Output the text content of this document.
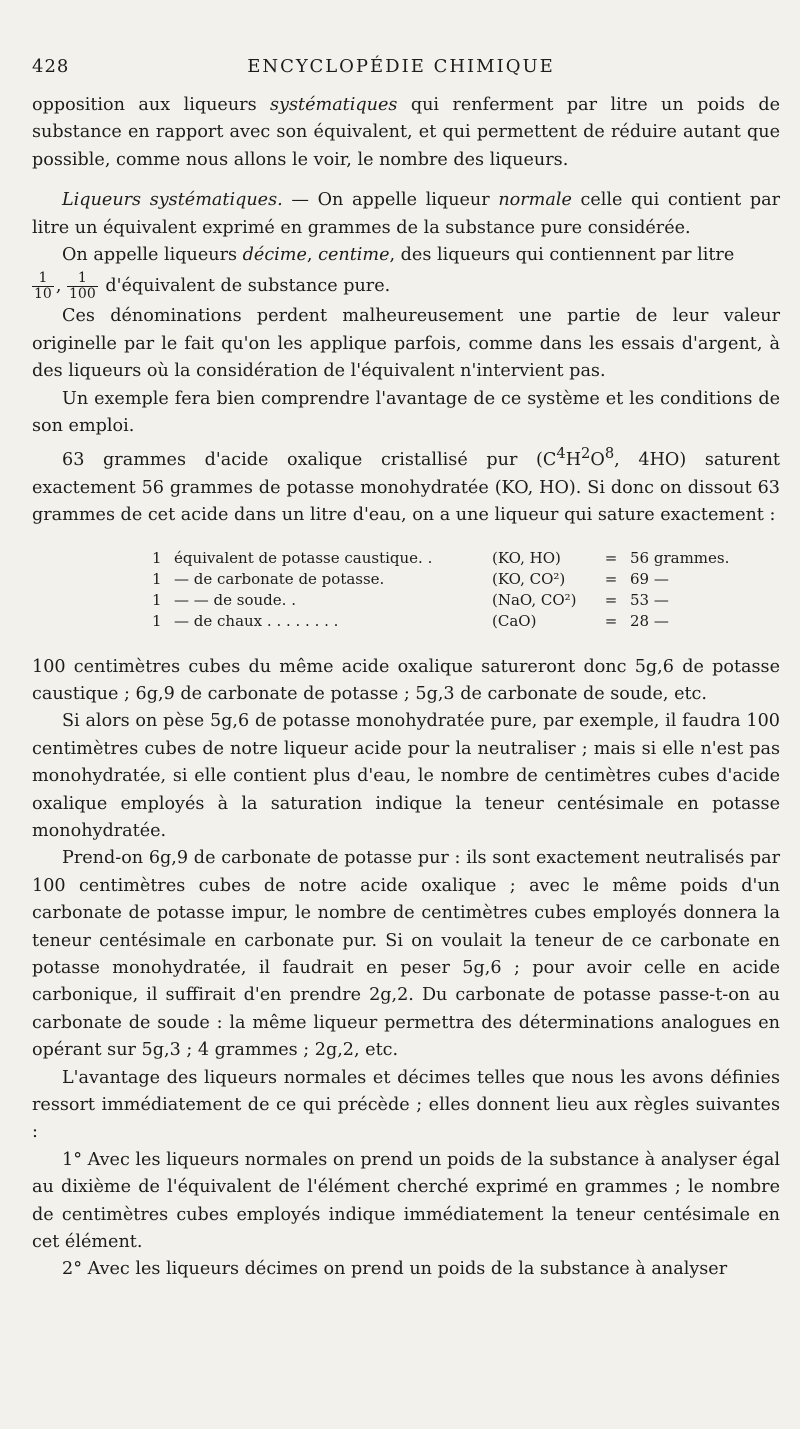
428	ENCYCLOPÉDIE CHIMIQUE

opposition aux liqueurs systématiques qui renferment par litre un poids de substance en rapport avec son équivalent, et qui permettent de réduire autant que possible, comme nous allons le voir, le nombre des liqueurs.

Liqueurs systématiques. — On appelle liqueur normale celle qui contient par litre un équivalent exprimé en grammes de la substance pure considérée.

On appelle liqueurs décime, centime, des liqueurs qui contiennent par litre

$\frac{1}{10}$ , $\frac{1}{100}$ d'équivalent de substance pure.

Ces dénominations perdent malheureusement une partie de leur valeur originelle par le fait qu'on les applique parfois, comme dans les essais d'argent, à des liqueurs où la considération de l'équivalent n'intervient pas.

Un exemple fera bien comprendre l'avantage de ce système et les conditions de son emploi.

63 grammes d'acide oxalique cristallisé pur ($C^4H^2O^8$, 4HO) saturent exactement 56 grammes de potasse monohydratée (KO, HO). Si donc on dissout 63 grammes de cet acide dans un litre d'eau, on a une liqueur qui sature exactement :

1	équivalent de potasse caustique. .	(KO, HO)	=	56 grammes.
1	— de carbonate de potasse.	(KO, CO²)	=	69 —
1	— — de soude. .	(NaO, CO²)	=	53 —
1	— de chaux . . . . . . . .	(CaO)	=	28 —

100 centimètres cubes du même acide oxalique satureront donc 5g,6 de potasse caustique ; 6g,9 de carbonate de potasse ; 5g,3 de carbonate de soude, etc.

Si alors on pèse 5g,6 de potasse monohydratée pure, par exemple, il faudra 100 centimètres cubes de notre liqueur acide pour la neutraliser ; mais si elle n'est pas monohydratée, si elle contient plus d'eau, le nombre de centimètres cubes d'acide oxalique employés à la saturation indique la teneur centésimale en potasse monohydratée.

Prend-on 6g,9 de carbonate de potasse pur : ils sont exactement neutralisés par 100 centimètres cubes de notre acide oxalique ; avec le même poids d'un carbonate de potasse impur, le nombre de centimètres cubes employés donnera la teneur centésimale en carbonate pur. Si on voulait la teneur de ce carbonate en potasse monohydratée, il faudrait en peser 5g,6 ; pour avoir celle en acide carbonique, il suffirait d'en prendre 2g,2. Du carbonate de potasse passe-t-on au carbonate de soude : la même liqueur permettra des déterminations analogues en opérant sur 5g,3 ; 4 grammes ; 2g,2, etc.

L'avantage des liqueurs normales et décimes telles que nous les avons définies ressort immédiatement de ce qui précède ; elles donnent lieu aux règles suivantes :

1° Avec les liqueurs normales on prend un poids de la substance à analyser égal au dixième de l'équivalent de l'élément cherché exprimé en grammes ; le nombre de centimètres cubes employés indique immédiatement la teneur centésimale en cet élément.

2° Avec les liqueurs décimes on prend un poids de la substance à analyser
